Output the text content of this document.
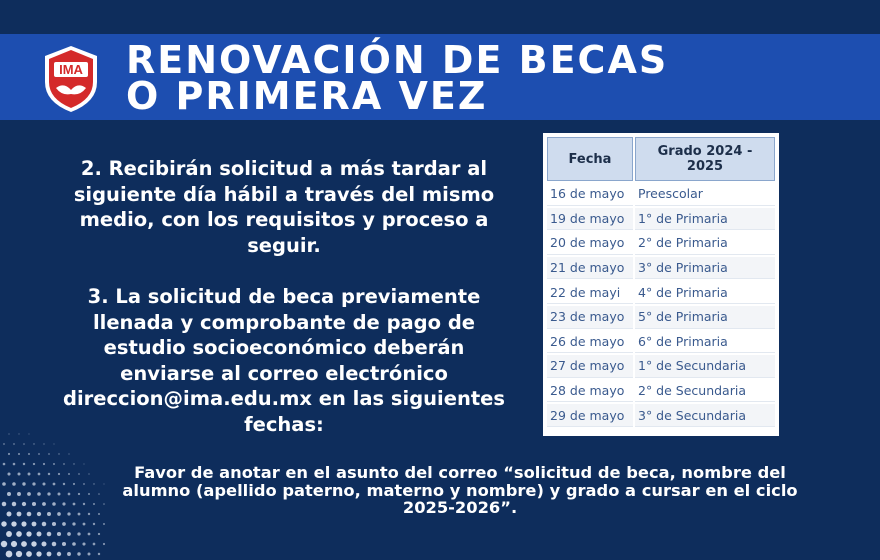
IMA RENOVACIÓN DE BECAS
O PRIMERA VEZ

2. Recibirán solicitud a más tardar al siguiente día hábil a través del mismo medio, con los requisitos y proceso a seguir.

3. La solicitud de beca previamente llenada y comprobante de pago de estudio socioeconómico deberán enviarse al correo electrónico direccion@ima.edu.mx en las siguientes fechas:

Fecha	Grado 2024 - 2025
16 de mayo	Preescolar
19 de mayo	1° de Primaria
20 de mayo	2° de Primaria
21 de mayo	3° de Primaria
22 de mayi	4° de Primaria
23 de mayo	5° de Primaria
26 de mayo	6° de Primaria
27 de mayo	1° de Secundaria
28 de mayo	2° de Secundaria
29 de mayo	3° de Secundaria

Favor de anotar en el asunto del correo “solicitud de beca, nombre del alumno (apellido paterno, materno y nombre) y grado a cursar en el ciclo 2025-2026”.
